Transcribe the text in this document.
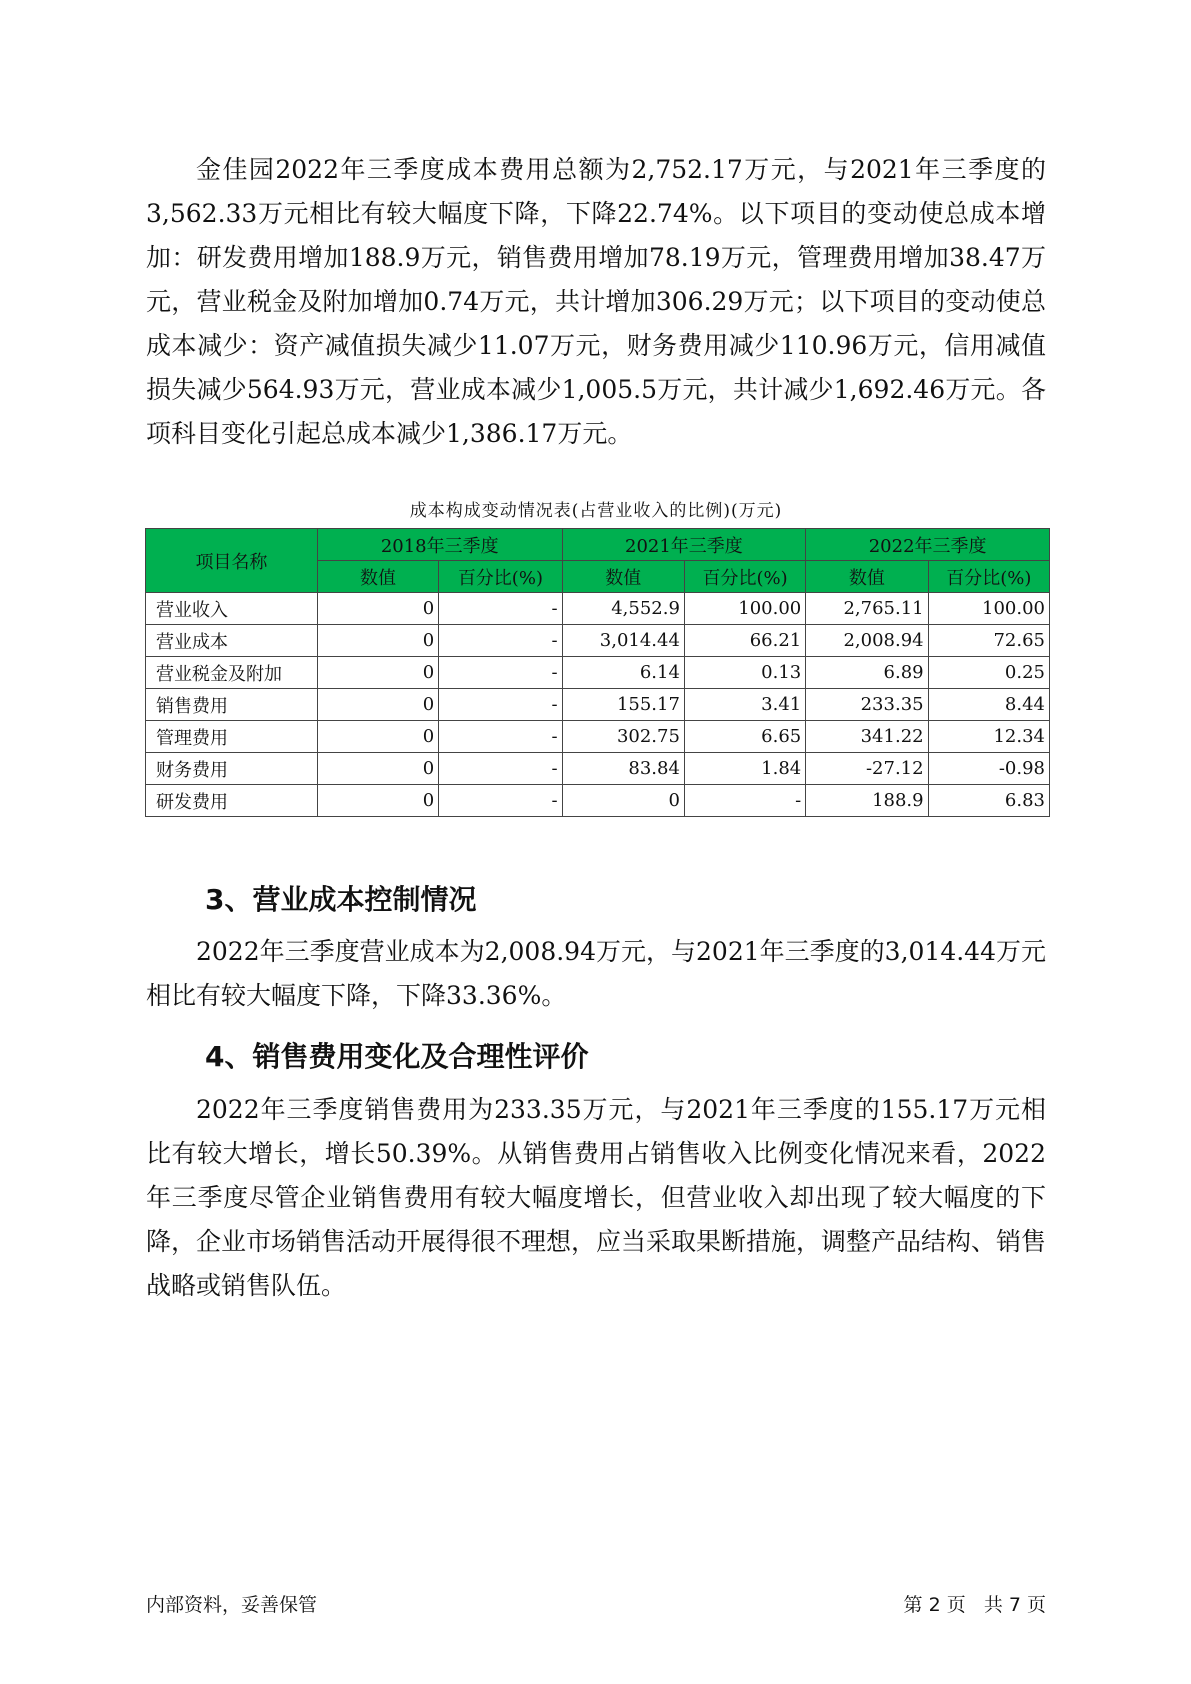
金佳园2022年三季度成本费用总额为2,752.17万元，与2021年三季度的3,562.33万元相比有较大幅度下降，下降22.74%。以下项目的变动使总成本增加：研发费用增加188.9万元，销售费用增加78.19万元，管理费用增加38.47万元，营业税金及附加增加0.74万元，共计增加306.29万元；以下项目的变动使总成本减少：资产减值损失减少11.07万元，财务费用减少110.96万元，信用减值损失减少564.93万元，营业成本减少1,005.5万元，共计减少1,692.46万元。各项科目变化引起总成本减少1,386.17万元。

成本构成变动情况表(占营业收入的比例)(万元)
项目名称	2018年三季度		2021年三季度		2022年三季度	
	数值	百分比(%)	数值	百分比(%)	数值	百分比(%)
营业收入	0	-	4,552.9	100.00	2,765.11	100.00
营业成本	0	-	3,014.44	66.21	2,008.94	72.65
营业税金及附加	0	-	6.14	0.13	6.89	0.25
销售费用	0	-	155.17	3.41	233.35	8.44
管理费用	0	-	302.75	6.65	341.22	12.34
财务费用	0	-	83.84	1.84	-27.12	-0.98
研发费用	0	-	0	-	188.9	6.83
3、营业成本控制情况

2022年三季度营业成本为2,008.94万元，与2021年三季度的3,014.44万元相比有较大幅度下降，下降33.36%。

4、销售费用变化及合理性评价

2022年三季度销售费用为233.35万元，与2021年三季度的155.17万元相比有较大增长，增长50.39%。从销售费用占销售收入比例变化情况来看，2022年三季度尽管企业销售费用有较大幅度增长，但营业收入却出现了较大幅度的下降，企业市场销售活动开展得很不理想，应当采取果断措施，调整产品结构、销售战略或销售队伍。

内部资料，妥善保管	第 2 页   共 7 页
